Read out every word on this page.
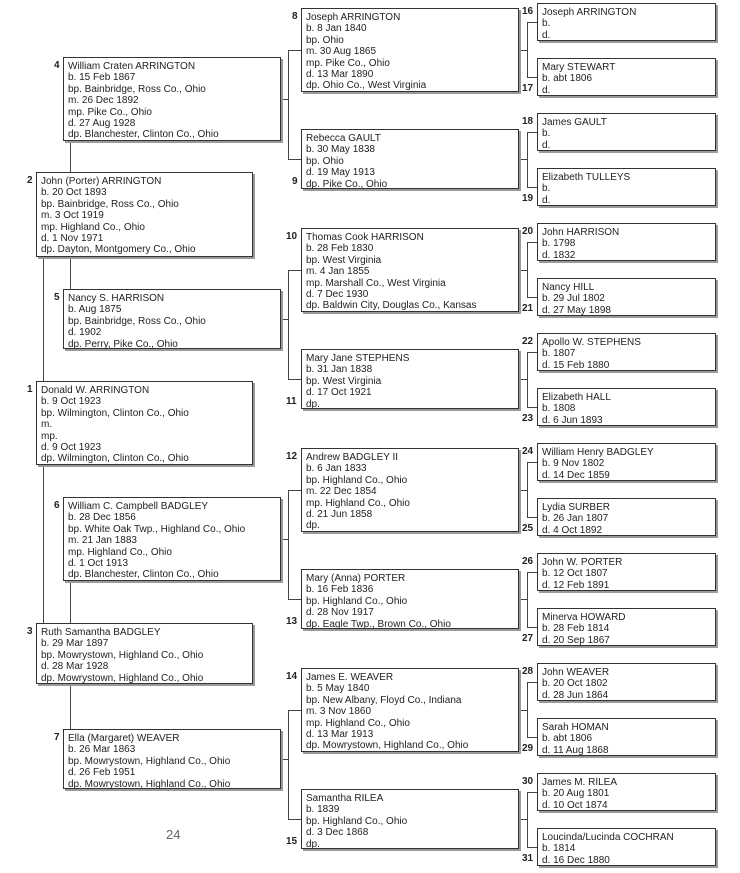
Donald W. ARRINGTON
b. 9 Oct 1923
bp. Wilmington, Clinton Co., Ohio
m.
mp.
d. 9 Oct 1923
dp. Wilmington, Clinton Co., Ohio
1
John (Porter) ARRINGTON
b. 20 Oct 1893
bp. Bainbridge, Ross Co., Ohio
m. 3 Oct 1919
mp. Highland Co., Ohio
d. 1 Nov 1971
dp. Dayton, Montgomery Co., Ohio
2
Ruth Samantha BADGLEY
b. 29 Mar 1897
bp. Mowrystown, Highland Co., Ohio
d. 28 Mar 1928
dp. Mowrystown, Highland Co., Ohio
3
William Craten ARRINGTON
b. 15 Feb 1867
bp. Bainbridge, Ross Co., Ohio
m. 26 Dec 1892
mp. Pike Co., Ohio
d. 27 Aug 1928
dp. Blanchester, Clinton Co., Ohio
4
Nancy S. HARRISON
b. Aug 1875
bp. Bainbridge, Ross Co., Ohio
d. 1902
dp. Perry, Pike Co., Ohio
5
William C. Campbell BADGLEY
b. 28 Dec 1856
bp. White Oak Twp., Highland Co., Ohio
m. 21 Jan 1883
mp. Highland Co., Ohio
d. 1 Oct 1913
dp. Blanchester, Clinton Co., Ohio
6
Ella (Margaret) WEAVER
b. 26 Mar 1863
bp. Mowrystown, Highland Co., Ohio
d. 26 Feb 1951
dp. Mowrystown, Highland Co., Ohio
7
Joseph ARRINGTON
b. 8 Jan 1840
bp. Ohio
m. 30 Aug 1865
mp. Pike Co., Ohio
d. 13 Mar 1890
dp. Ohio Co., West Virginia
8
Rebecca GAULT
b. 30 May 1838
bp. Ohio
d. 19 May 1913
dp. Pike Co., Ohio
9
Thomas Cook HARRISON
b. 28 Feb 1830
bp. West Virginia
m. 4 Jan 1855
mp. Marshall Co., West Virginia
d. 7 Dec 1930
dp. Baldwin City, Douglas Co., Kansas
10
Mary Jane STEPHENS
b. 31 Jan 1838
bp. West Virginia
d. 17 Oct 1921
dp.
11
Andrew BADGLEY II
b. 6 Jan 1833
bp. Highland Co., Ohio
m. 22 Dec 1854
mp. Highland Co., Ohio
d. 21 Jun 1858
dp.
12
Mary (Anna) PORTER
b. 16 Feb 1836
bp. Highland Co., Ohio
d. 28 Nov 1917
dp. Eagle Twp., Brown Co., Ohio
13
James E. WEAVER
b. 5 May 1840
bp. New Albany, Floyd Co., Indiana
m. 3 Nov 1860
mp. Highland Co., Ohio
d. 13 Mar 1913
dp. Mowrystown, Highland Co., Ohio
14
Samantha RILEA
b. 1839
bp. Highland Co., Ohio
d. 3 Dec 1868
dp.
15
Joseph ARRINGTON
b.
d.
16
Mary STEWART
b. abt 1806
d.
17
James GAULT
b.
d.
18
Elizabeth TULLEYS
b.
d.
19
John HARRISON
b. 1798
d. 1832
20
Nancy HILL
b. 29 Jul 1802
d. 27 May 1898
21
Apollo W. STEPHENS
b. 1807
d. 15 Feb 1880
22
Elizabeth HALL
b. 1808
d. 6 Jun 1893
23
William Henry BADGLEY
b. 9 Nov 1802
d. 14 Dec 1859
24
Lydia SURBER
b. 26 Jan 1807
d. 4 Oct 1892
25
John W. PORTER
b. 12 Oct 1807
d. 12 Feb 1891
26
Minerva HOWARD
b. 28 Feb 1814
d. 20 Sep 1867
27
John WEAVER
b. 20 Oct 1802
d. 28 Jun 1864
28
Sarah HOMAN
b. abt 1806
d. 11 Aug 1868
29
James M. RILEA
b. 20 Aug 1801
d. 10 Oct 1874
30
Loucinda/Lucinda COCHRAN
b. 1814
d. 16 Dec 1880
31
24
